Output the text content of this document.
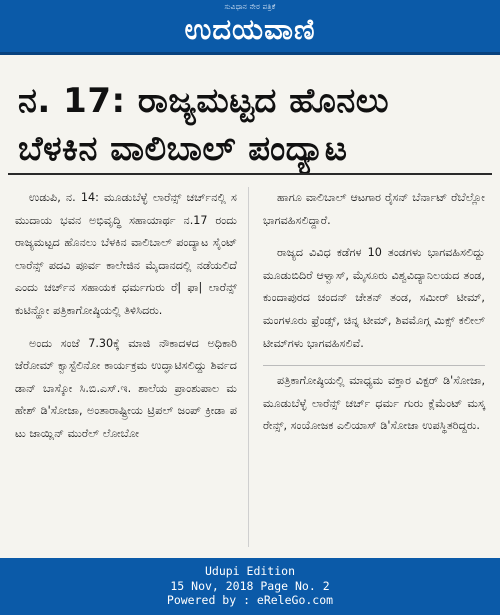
ಸುವಿಧಾನ ನೇರ ಪತ್ರಿಕೆ
ಉದಯವಾಣಿ
ನ. 17: ರಾಜ್ಯಮಟ್ಟದ ಹೊನಲು
ಬೆಳಕಿನ ವಾಲಿಬಾಲ್ ಪಂದ್ಯಾಟ

ಉಡುಪಿ, ನ. 14: ಮೂಡುಬೆಳ್ಳೆ ಲಾರೆನ್ಸ್ ಚರ್ಚ್‌ನಲ್ಲಿ ಸಮುದಾಯ ಭವನ ಅಭಿವೃದ್ಧಿ ಸಹಾಯಾರ್ಥ ನ.17 ರಂದು ರಾಜ್ಯಮಟ್ಟದ ಹೊನಲು ಬೆಳಕಿನ ವಾಲಿಬಾಲ್ ಪಂದ್ಯಾಟ ಸೈಂಟ್ ಲಾರೆನ್ಸ್ ಪದವಿ ಪೂರ್ವ ಕಾಲೇಜಿನ ಮೈದಾನದಲ್ಲಿ ನಡೆಯಲಿದೆ ಎಂದು ಚರ್ಚ್‌ನ ಸಹಾಯಕ ಧರ್ಮಗುರು ರೆ| ಫಾ| ಲಾರೆನ್ಸ್ ಕುಟಿನ್ಹೋ ಪತ್ರಿಕಾಗೋಷ್ಠಿಯಲ್ಲಿ ತಿಳಿಸಿದರು.

ಅಂದು ಸಂಜೆ 7.30ಕ್ಕೆ ಮಾಜಿ ನೌಕಾದಳದ ಅಧಿಕಾರಿ ಜೆರೋಮ್ ಕ್ವಾಸ್ಟೆಲಿನೋ ಕಾರ್ಯಕ್ರಮ ಉದ್ಘಾಟಿಸಲಿದ್ದು ಶಿರ್ವದ ಡಾನ್ ಬಾಸ್ಕೋ ಸಿ.ಬಿ.ಎಸ್.ಇ. ಶಾಲೆಯ ಪ್ರಾಂಶುಪಾಲ ಮಹೇಶ್ ಡಿ'ಸೋಜಾ, ಅಂತಾರಾಷ್ಟ್ರೀಯ ಟ್ರಿಪಲ್ ಜಂಪ್ ಕ್ರೀಡಾ ಪಟು ಜಾಯ್ಲಿನ್ ಮುರೆಲ್ ಲೋಬೋ

ಹಾಗೂ ವಾಲಿಬಾಲ್ ಆಟಗಾರ ರೈಸನ್ ಬೆರ್ನಾಟ್ ರೆಬೆಲ್ಲೋ ಭಾಗವಹಿಸಲಿದ್ದಾರೆ.

ರಾಜ್ಯದ ವಿವಿಧ ಕಡೆಗಳ 10 ತಂಡಗಳು ಭಾಗವಹಿಸಲಿದ್ದು ಮೂಡುಬಿದಿರೆ ಆಳ್ವಾಸ್, ಮೈಸೂರು ವಿಶ್ವವಿದ್ಯಾನಿಲಯದ ತಂಡ, ಕುಂದಾಪುರದ ಚಂದನ್ ಚೇತನ್ ತಂಡ, ಸಮೀರ್ ಟೀಮ್, ಮಂಗಳೂರು ಫ್ರೆಂಡ್ಸ್, ಚಿನ್ನ ಟೀಮ್, ಶಿವಮೊಗ್ಗ ಮಿಕ್ಸ್ ಕಲೀಲ್ ಟೀಮ್‌ಗಳು ಭಾಗವಹಿಸಲಿವೆ.

ಪತ್ರಿಕಾಗೋಷ್ಠಿಯಲ್ಲಿ ಮಾಧ್ಯಮ ವಕ್ತಾರ ವಿಕ್ಟರ್ ಡಿ'ಸೋಜಾ, ಮೂಡುಬೆಳ್ಳೆ ಲಾರೆನ್ಸ್ ಚರ್ಚ್ ಧರ್ಮ ಗುರು ಕ್ಲೆಮೆಂಟ್ ಮಸ್ಕರೇನ್ಸ್, ಸಂಯೋಜಕ ಎಲಿಯಾಸ್ ಡಿ'ಸೋಜಾ ಉಪಸ್ಥಿತರಿದ್ದರು.

Udupi Edition
15 Nov, 2018 Page No. 2
Powered by : eReleGo.com
